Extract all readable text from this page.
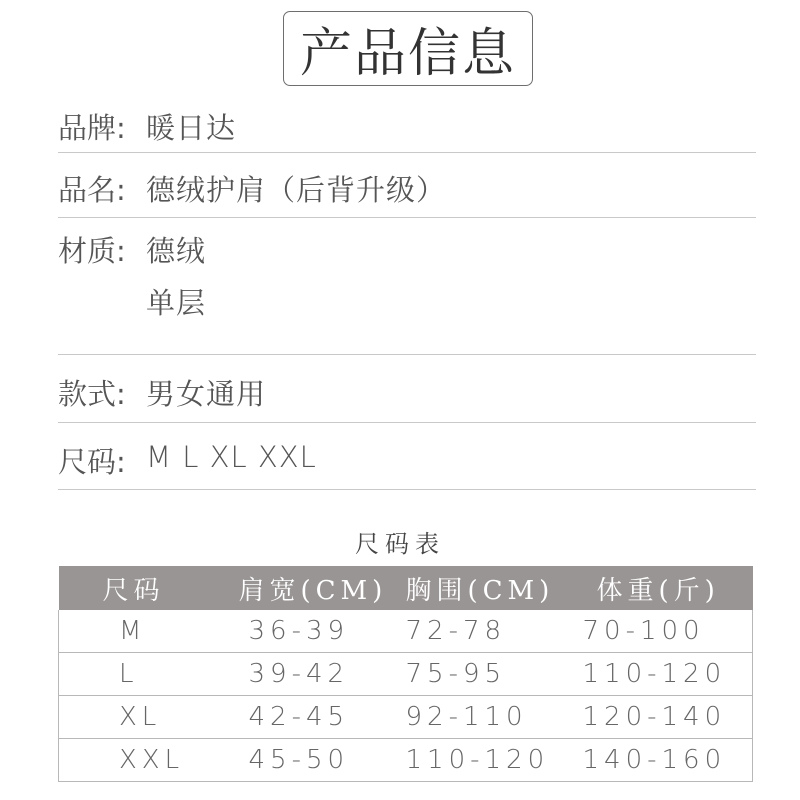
产品信息
品牌: 暖日达
品名: 德绒护肩（后背升级）
材质: 德绒
单层
款式: 男女通用
尺码: M L XL XXL
尺码表
尺码	肩宽(CM)	胸围(CM)	体重(斤)
M	36-39	72-78	70-100
L	39-42	75-95	110-120
XL	42-45	92-110	120-140
XXL	45-50	110-120	140-160
